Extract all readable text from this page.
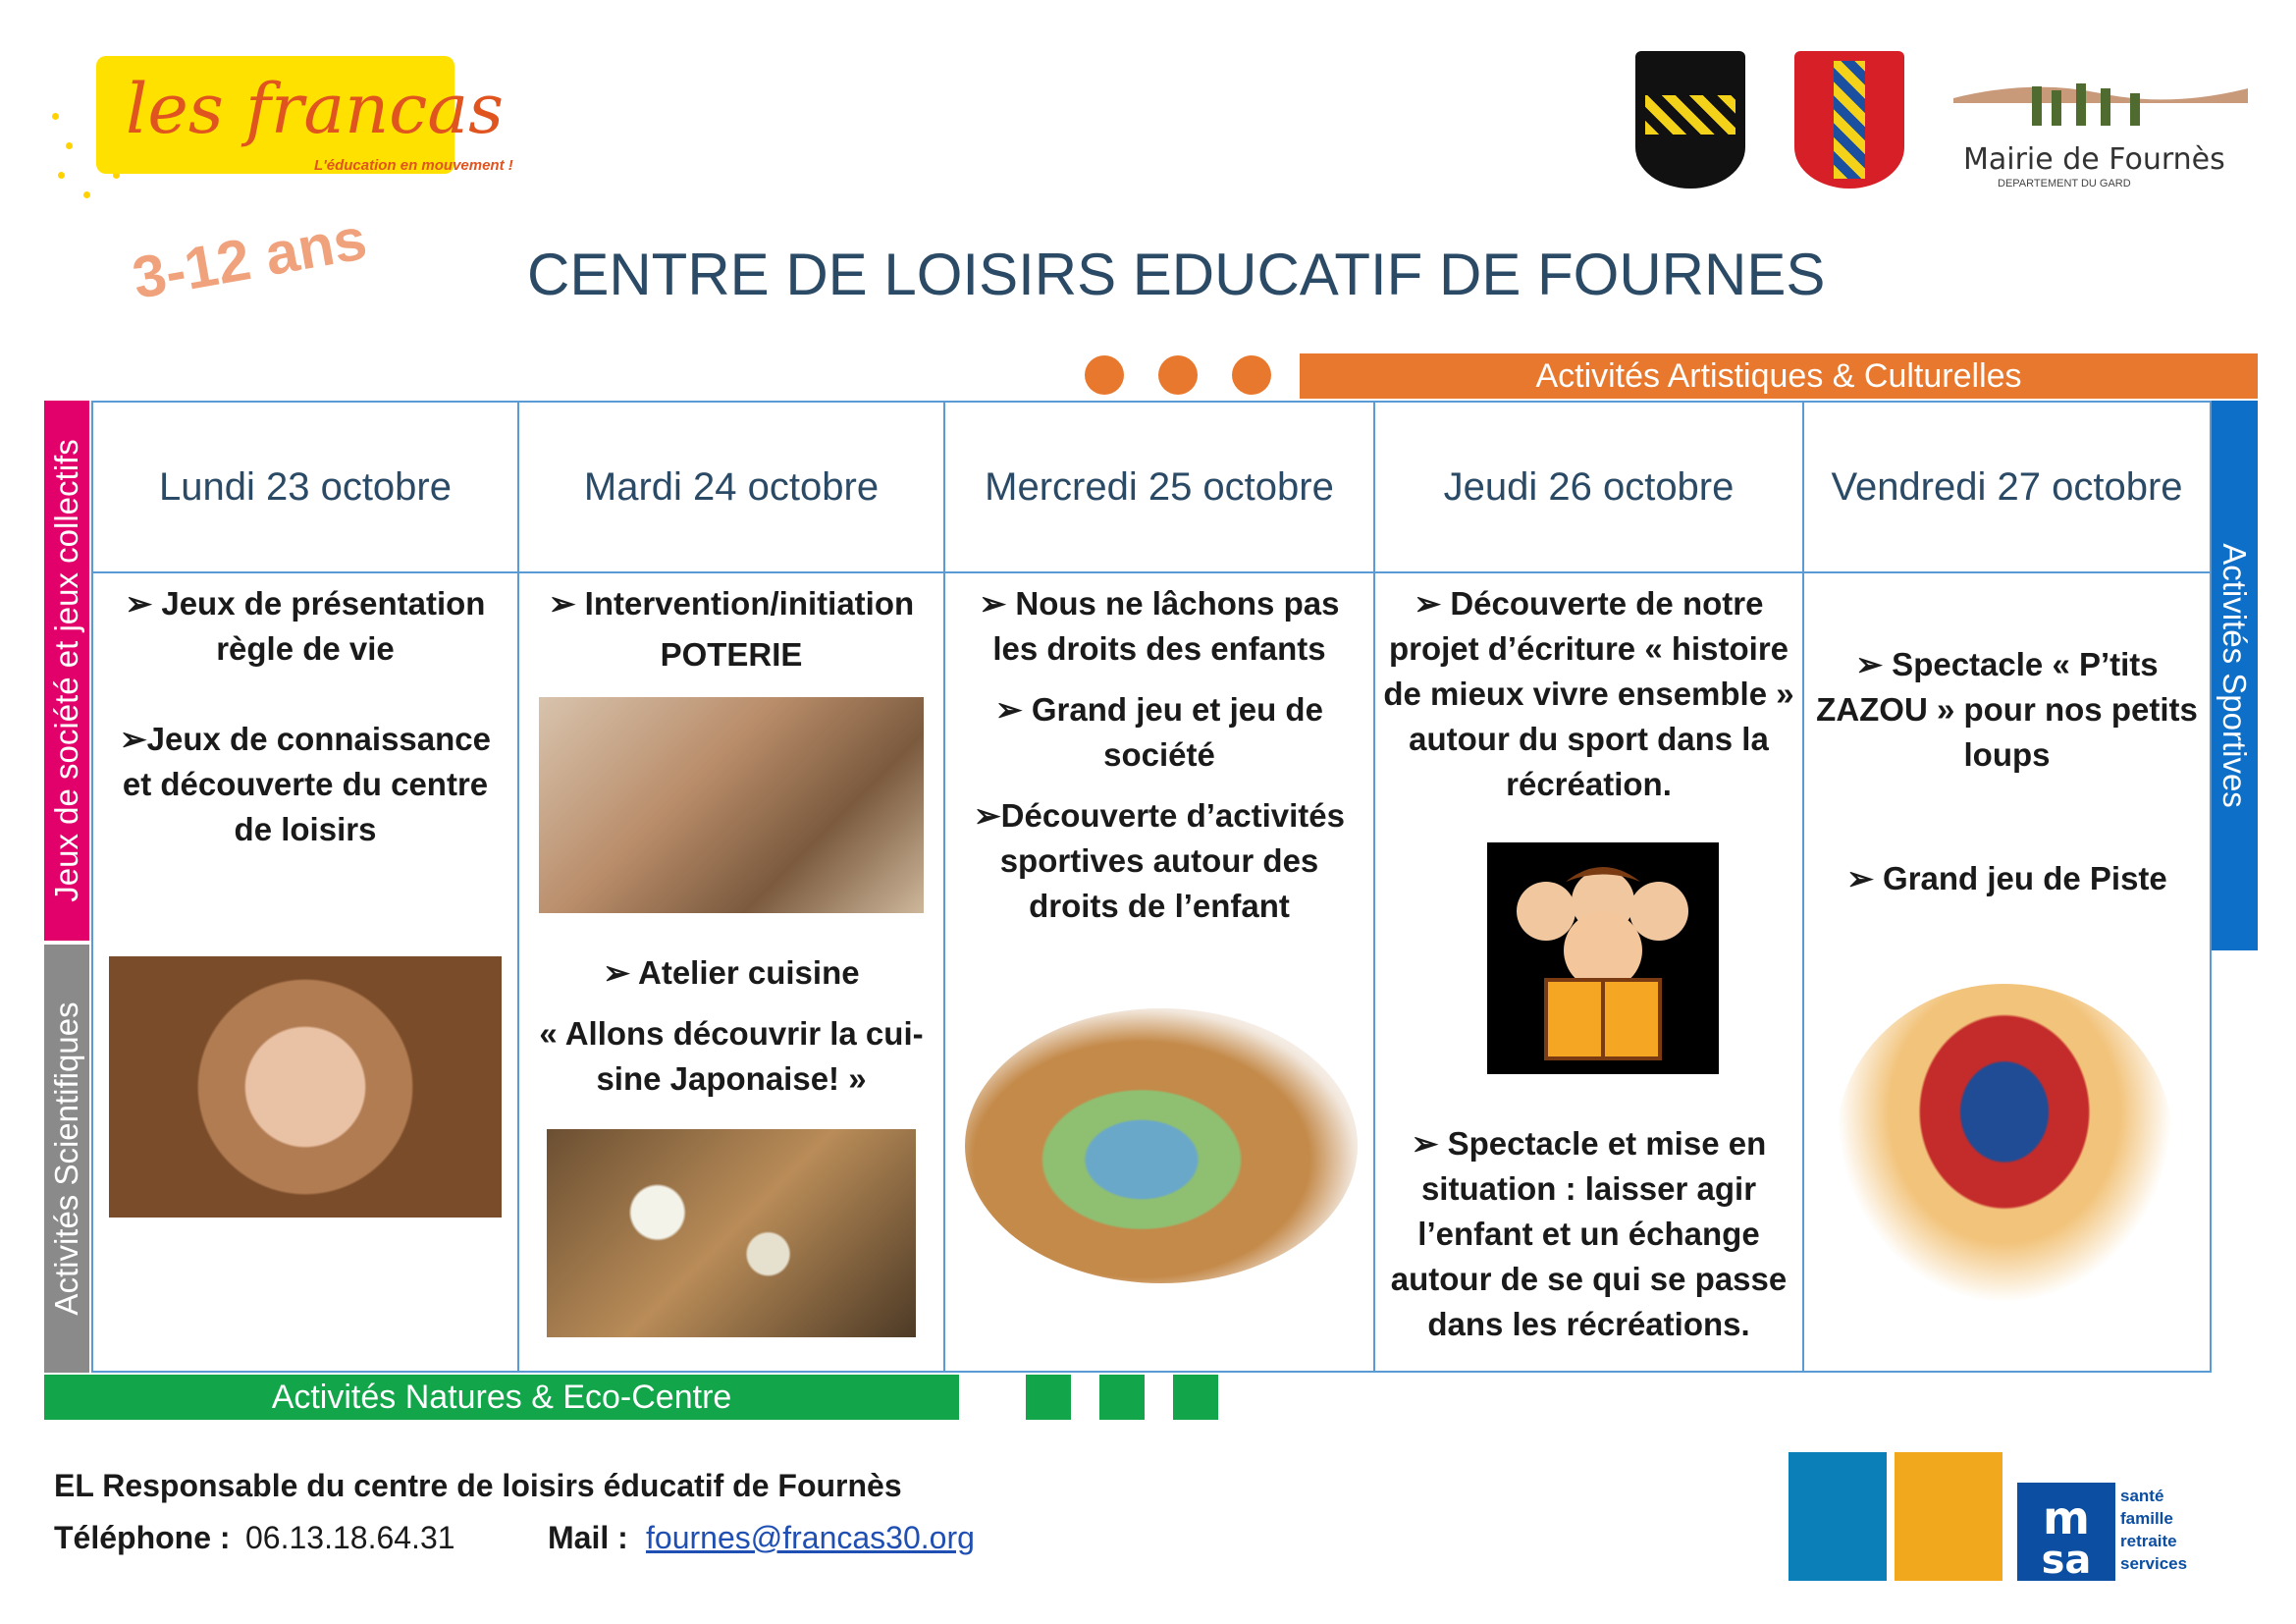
les francas
L'éducation en mouvement !	Mairie de Fournès
DEPARTEMENT DU GARD
3-12 ans	CENTRE DE LOISIRS EDUCATIF DE FOURNES
Activités Artistiques & Culturelles
Jeux de société et jeux collectifs
Activités Scientifiques
Activités Sportives
Activités Natures & Eco-Centre
Lundi 23 octobre
➢ Jeux de présentation règle de vie
➢Jeux de connaissance et découverte du centre de loisirs
Mardi 24 octobre
➢ Intervention/initiation
POTERIE
➢ Atelier cuisine
« Allons découvrir la cui-sine Japonaise! »
Mercredi 25 octobre
➢ Nous ne lâchons pas les droits des enfants
➢ Grand jeu et jeu de société
➢Découverte d’activités sportives autour des droits de l’enfant
Jeudi 26 octobre
➢ Découverte de notre projet d’écriture « histoire de mieux vivre ensemble » autour du sport dans la récréation.
➢ Spectacle et mise en situation : laisser agir l’enfant et un échange autour de se qui se passe dans les récréations.
Vendredi 27 octobre
➢ Spectacle « P’tits ZAZOU » pour nos petits loups
➢ Grand jeu de Piste
EL Responsable du centre de loisirs éducatif de Fournès
Téléphone : 06.13.18.64.31	Mail : fournes@francas30.org	m
sa
santé
famille
retraite
services
